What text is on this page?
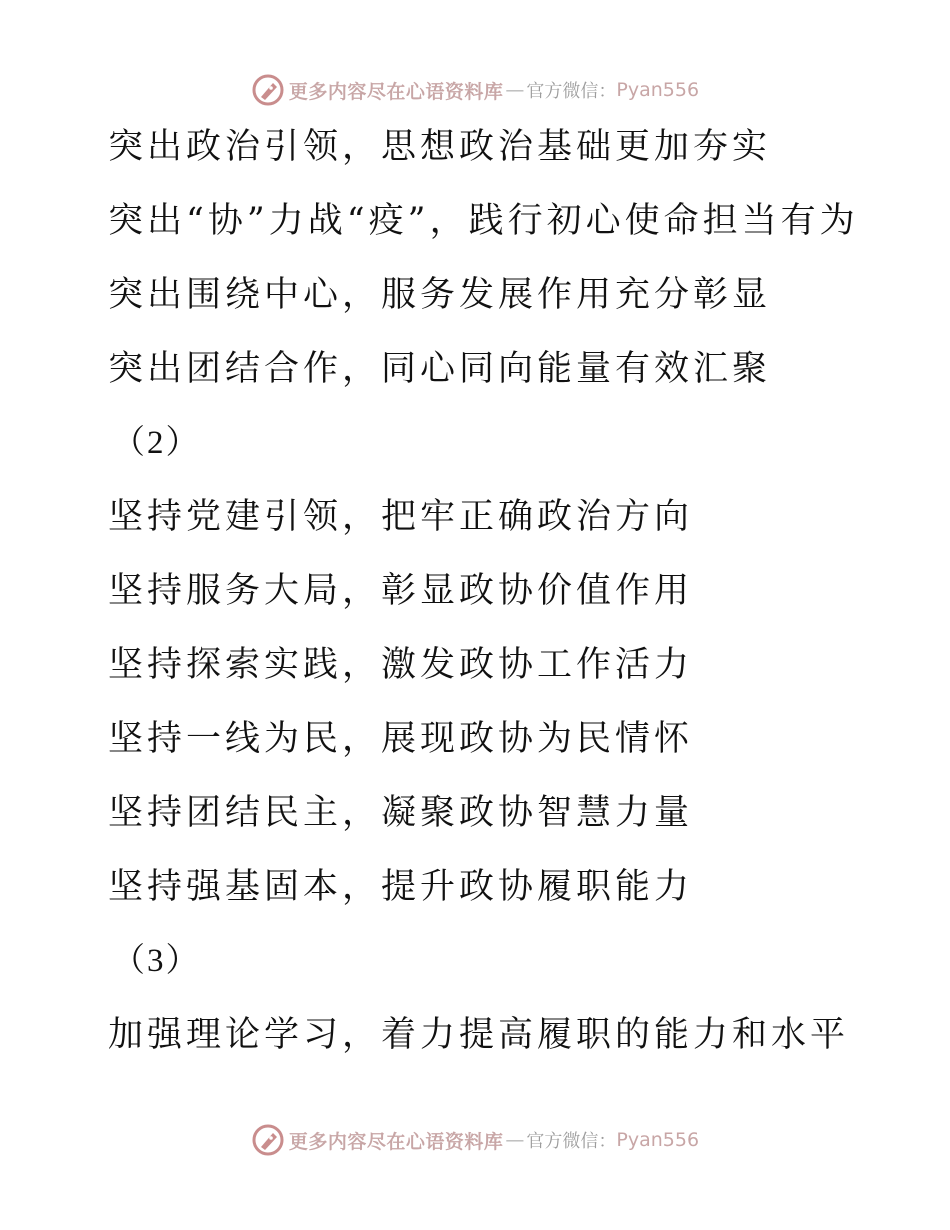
更多内容尽在心语资料库 — 官方微信： Pyan556
突出政治引领，思想政治基础更加夯实
突出“协”力战“疫”，践行初心使命担当有为
突出围绕中心，服务发展作用充分彰显
突出团结合作，同心同向能量有效汇聚
（2）
坚持党建引领，把牢正确政治方向
坚持服务大局，彰显政协价值作用
坚持探索实践，激发政协工作活力
坚持一线为民，展现政协为民情怀
坚持团结民主，凝聚政协智慧力量
坚持强基固本，提升政协履职能力
（3）
加强理论学习，着力提高履职的能力和水平
更多内容尽在心语资料库 — 官方微信： Pyan556
